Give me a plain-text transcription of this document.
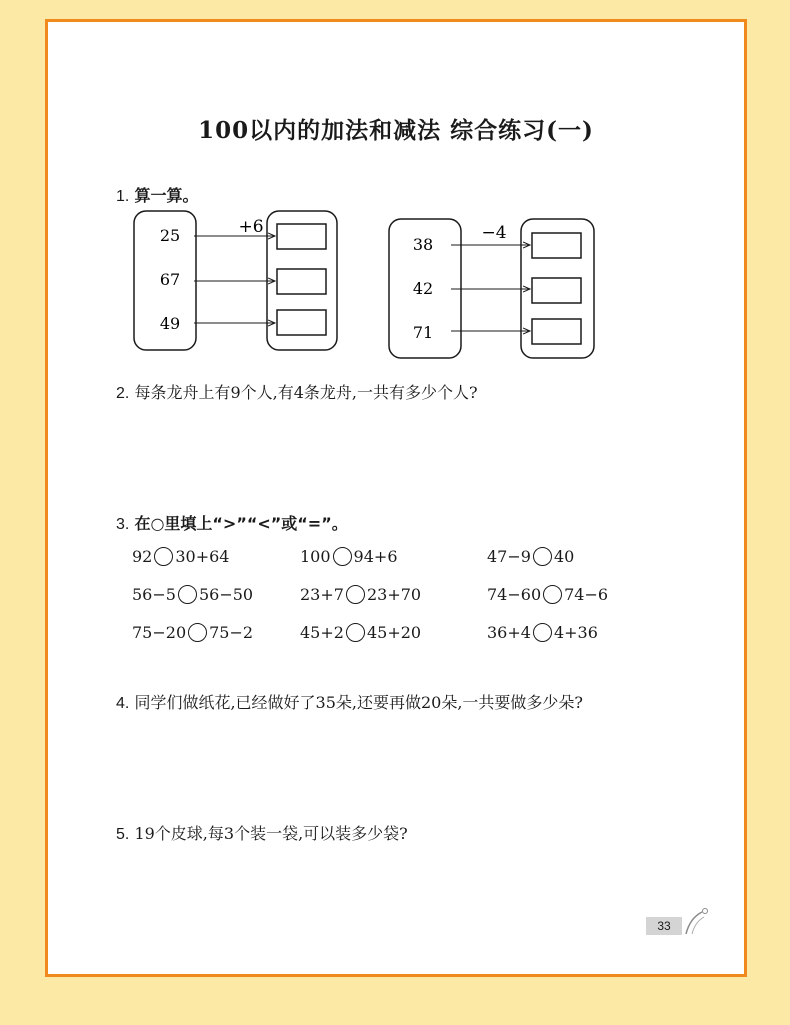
100以内的加法和减法 综合练习(一)
1. 算一算。
+6
25
67
49
−4
38
42
71
2. 每条龙舟上有9个人,有4条龙舟,一共有多少个人?
3. 在○里填上“>”“<”或“=”。
92 30+64	100 94+6	47−9 40
56−5 56−50	23+7 23+70	74−60 74−6
75−20 75−2	45+2 45+20	36+4 4+36
4. 同学们做纸花,已经做好了35朵,还要再做20朵,一共要做多少朵?
5. 19个皮球,每3个装一袋,可以装多少袋?
33
